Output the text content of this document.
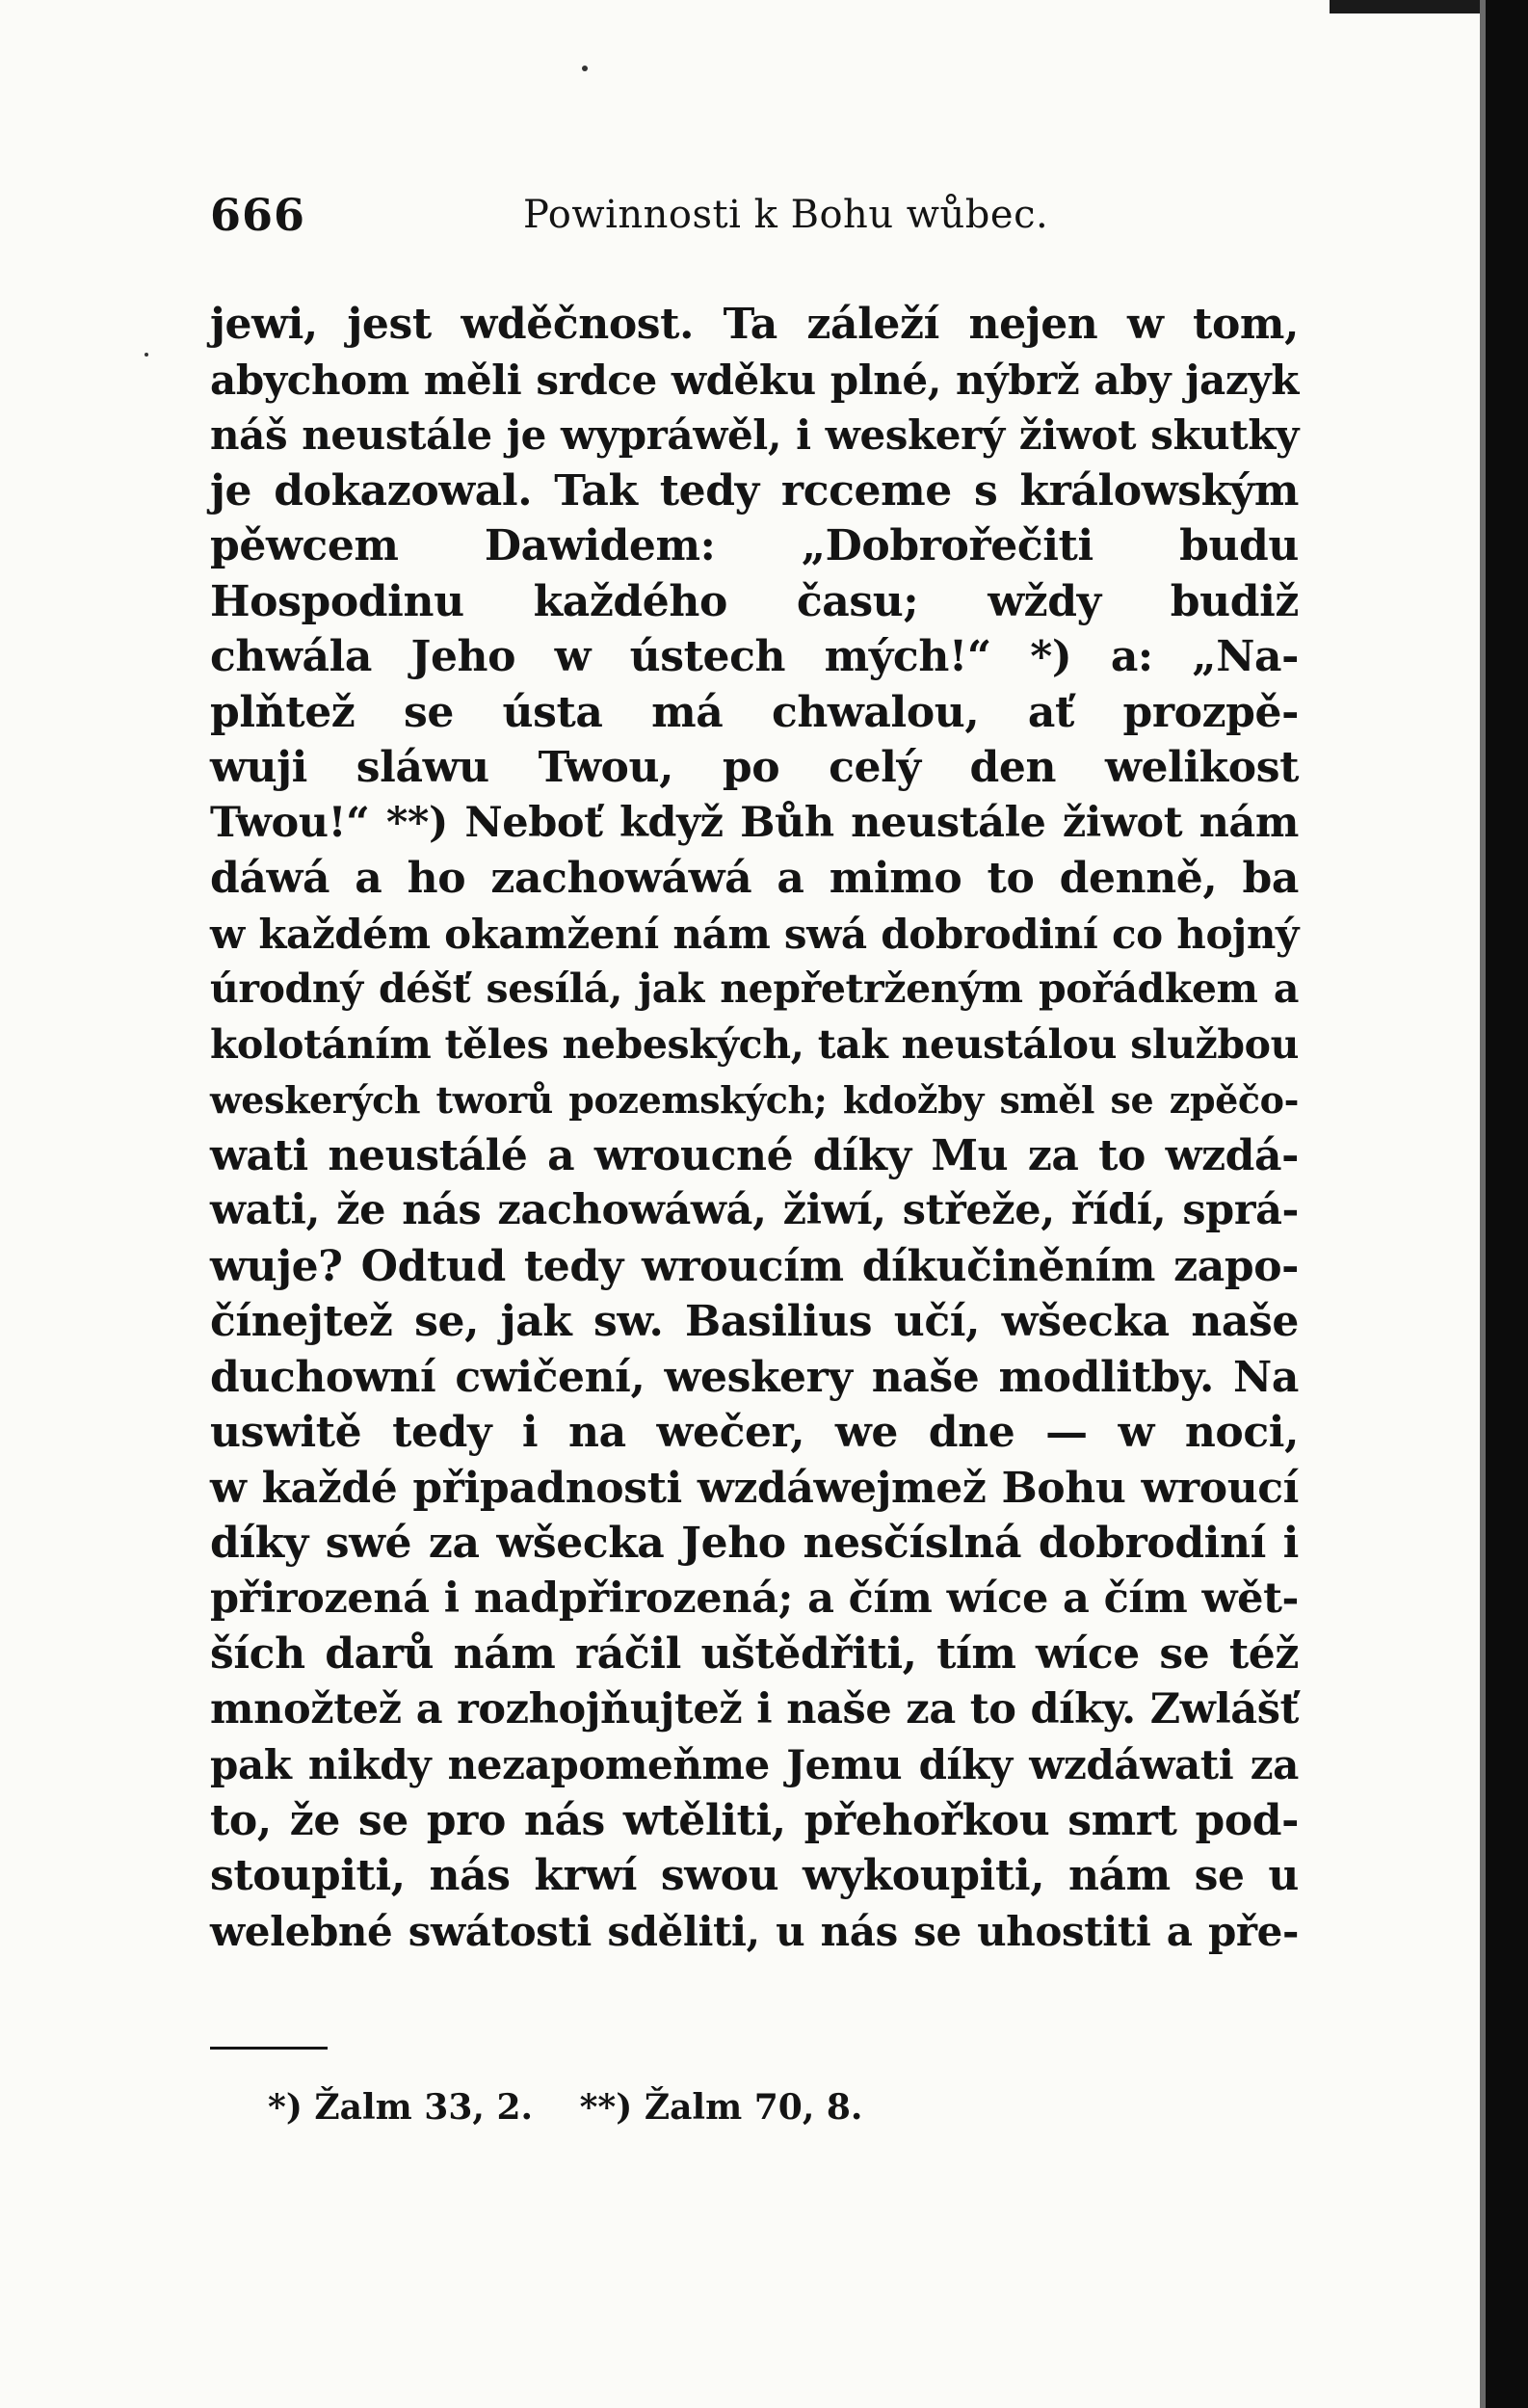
666	Powinnosti k Bohu wůbec.
jewi, jest wděčnost. Ta záleží nejen w tom,
abychom měli srdce wděku plné, nýbrž aby jazyk
náš neustále je wypráwěl, i weskerý žiwot skutky
je dokazowal. Tak tedy rcceme s králowským
pěwcem Dawidem: „Dobrořečiti budu
Hospodinu každého času; wždy budiž
chwála Jeho w ústech mých!“ *) a: „Na-
plňtež se ústa má chwalou, ať prozpě-
wuji sláwu Twou, po celý den welikost
Twou!“ **) Neboť když Bůh neustále žiwot nám
dáwá a ho zachowáwá a mimo to denně, ba
w každém okamžení nám swá dobrodiní co hojný
úrodný déšť sesílá, jak nepřetrženým pořádkem a
kolotáním těles nebeských, tak neustálou službou
weskerých tworů pozemských; kdožby směl se zpěčo-
wati neustálé a wroucné díky Mu za to wzdá-
wati, že nás zachowáwá, žiwí, střeže, řídí, sprá-
wuje? Odtud tedy wroucím díkučiněním zapo-
čínejtež se, jak sw. Basilius učí, wšecka naše
duchowní cwičení, weskery naše modlitby. Na
uswitě tedy i na wečer, we dne — w noci,
w každé připadnosti wzdáwejmež Bohu wroucí
díky swé za wšecka Jeho nesčíslná dobrodiní i
přirozená i nadpřirozená; a čím wíce a čím wět-
ších darů nám ráčil uštědřiti, tím wíce se též
množtež a rozhojňujtež i naše za to díky. Zwlášť
pak nikdy nezapomeňme Jemu díky wzdáwati za
to, že se pro nás wtěliti, přehořkou smrt pod-
stoupiti, nás krwí swou wykoupiti, nám se u
welebné swátosti sděliti, u nás se uhostiti a pře-
*) Žalm 33, 2. **) Žalm 70, 8.
